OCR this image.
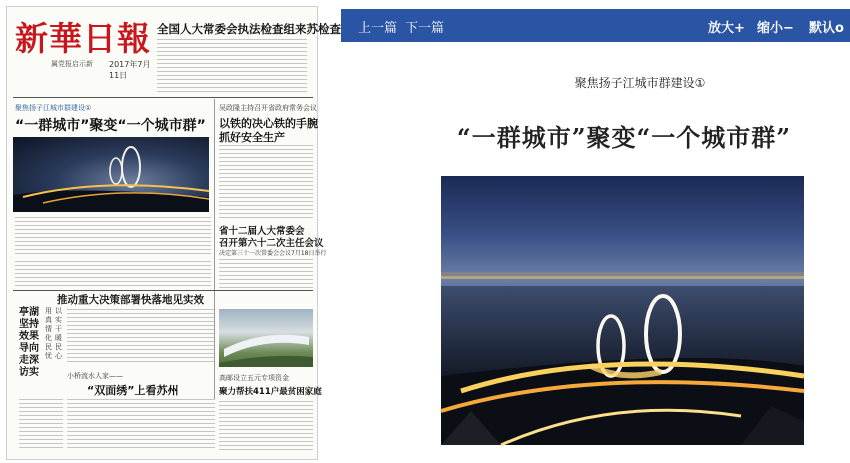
新華日報
属党报启示新 2017年7月11日
全国人大常委会执法检查组来苏检查
聚焦扬子江城市群建设①
“一群城市”聚变“一个城市群”
吴政隆主持召开省政府常务会议
以铁的决心铁的手腕
抓好安全生产
省十二届人大常委会
召开第六十二次主任会议
决定第三十一次常委会会议7月18日举行
推动重大决策部署快落地见实效
亭湖坚持效果导向走深访实
用真情化民忧
以实干暖民心
小桥流水人家——
“双面绣”上看苏州
高邮设立五元专项资金
聚力帮扶411户最贫困家庭
上一篇 下一篇	放大+ 缩小− 默认o
聚焦扬子江城市群建设①
“一群城市”聚变“一个城市群”
